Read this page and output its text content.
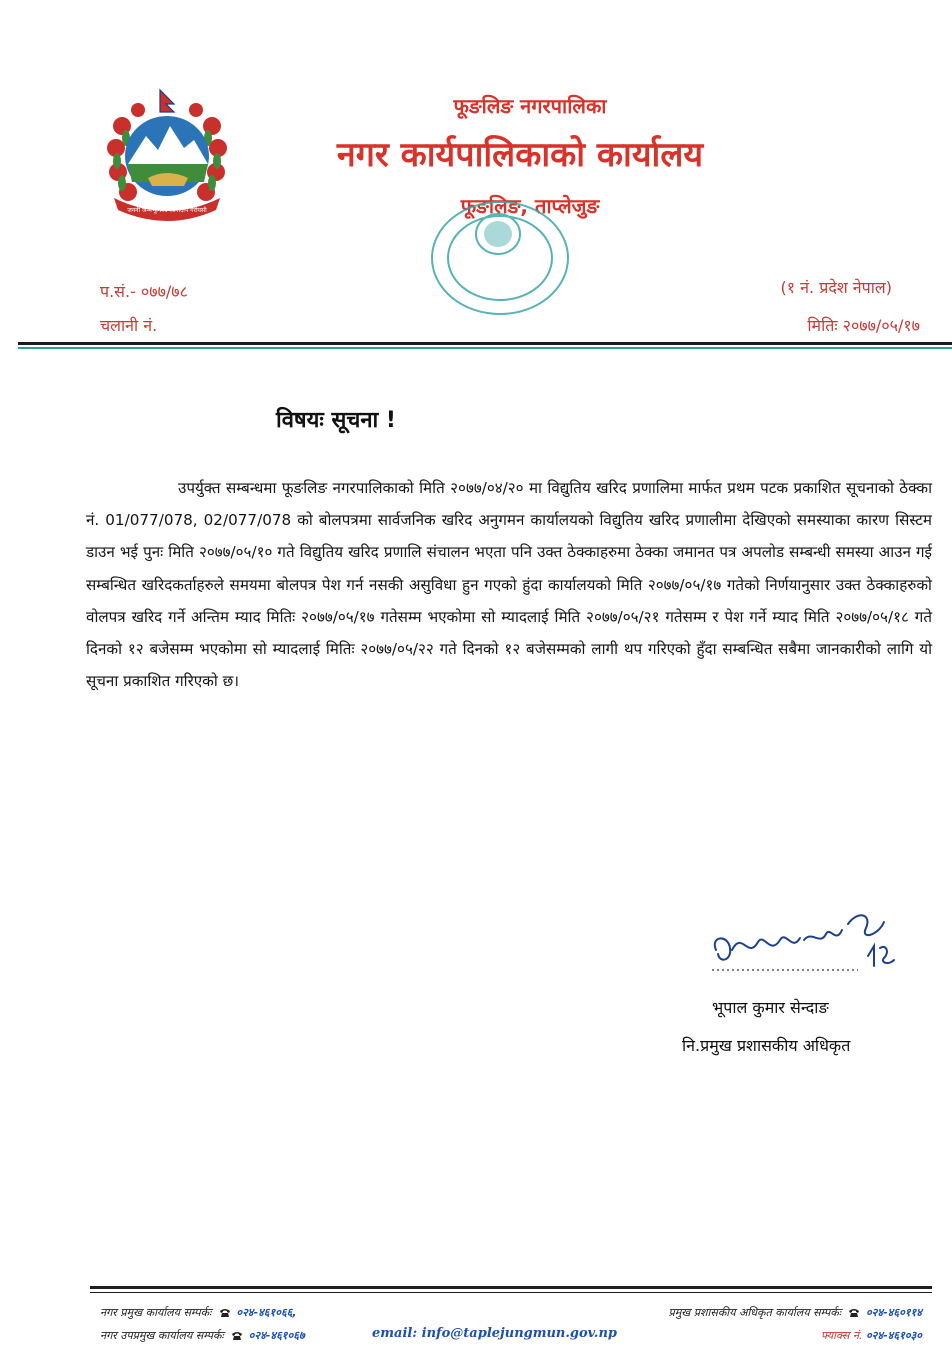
जननी जन्मभूमिश्च स्वर्गादपि गरीयसी
फूङलिङ नगरपालिका
नगर कार्यपालिकाको कार्यालय
फूङलिङ, ताप्लेजुङ
प.सं.- ०७७/७८
चलानी नं.
(१ नं. प्रदेश नेपाल)
मितिः २०७७/०५/१७
विषयः सूचना !
उपर्युक्त सम्बन्धमा फूङलिङ नगरपालिकाको मिति २०७७/०४/२० मा विद्युतिय खरिद प्रणालिमा मार्फत प्रथम पटक प्रकाशित सूचनाको ठेक्का नं. 01/077/078, 02/077/078 को बोलपत्रमा सार्वजनिक खरिद अनुगमन कार्यालयको विद्युतिय खरिद प्रणालीमा देखिएको समस्याका कारण सिस्टम डाउन भई पुनः मिति २०७७/०५/१० गते विद्युतिय खरिद प्रणालि संचालन भएता पनि उक्त ठेक्काहरुमा ठेक्का जमानत पत्र अपलोड सम्बन्धी समस्या आउन गई सम्बन्धित खरिदकर्ताहरुले समयमा बोलपत्र पेश गर्न नसकी असुविधा हुन गएको हुंदा कार्यालयको मिति २०७७/०५/१७ गतेको निर्णयानुसार उक्त ठेक्काहरुको वोलपत्र खरिद गर्ने अन्तिम म्याद मितिः २०७७/०५/१७ गतेसम्म भएकोमा सो म्यादलाई मिति २०७७/०५/२१ गतेसम्म र पेश गर्ने म्याद मिति २०७७/०५/१८ गते दिनको १२ बजेसम्म भएकोमा सो म्यादलाई मितिः २०७७/०५/२२ गते दिनको १२ बजेसम्मको लागी थप गरिएको हुँदा सम्बन्धित सबैमा जानकारीको लागि यो सूचना प्रकाशित गरिएको छ।
भूपाल कुमार सेन्दाङ
नि.प्रमुख प्रशासकीय अधिकृत
नगर प्रमुख कार्यालय सम्पर्कः ०२४-४६१०६६,
नगर उपप्रमुख कार्यालय सम्पर्कः ०२४-४६१०६७	email: info@taplejungmun.gov.np
प्रमुख प्रशासकीय अधिकृत कार्यालय सम्पर्कः ०२४-४६०११४
फ्याक्स नं. ०२४-४६१०३०
